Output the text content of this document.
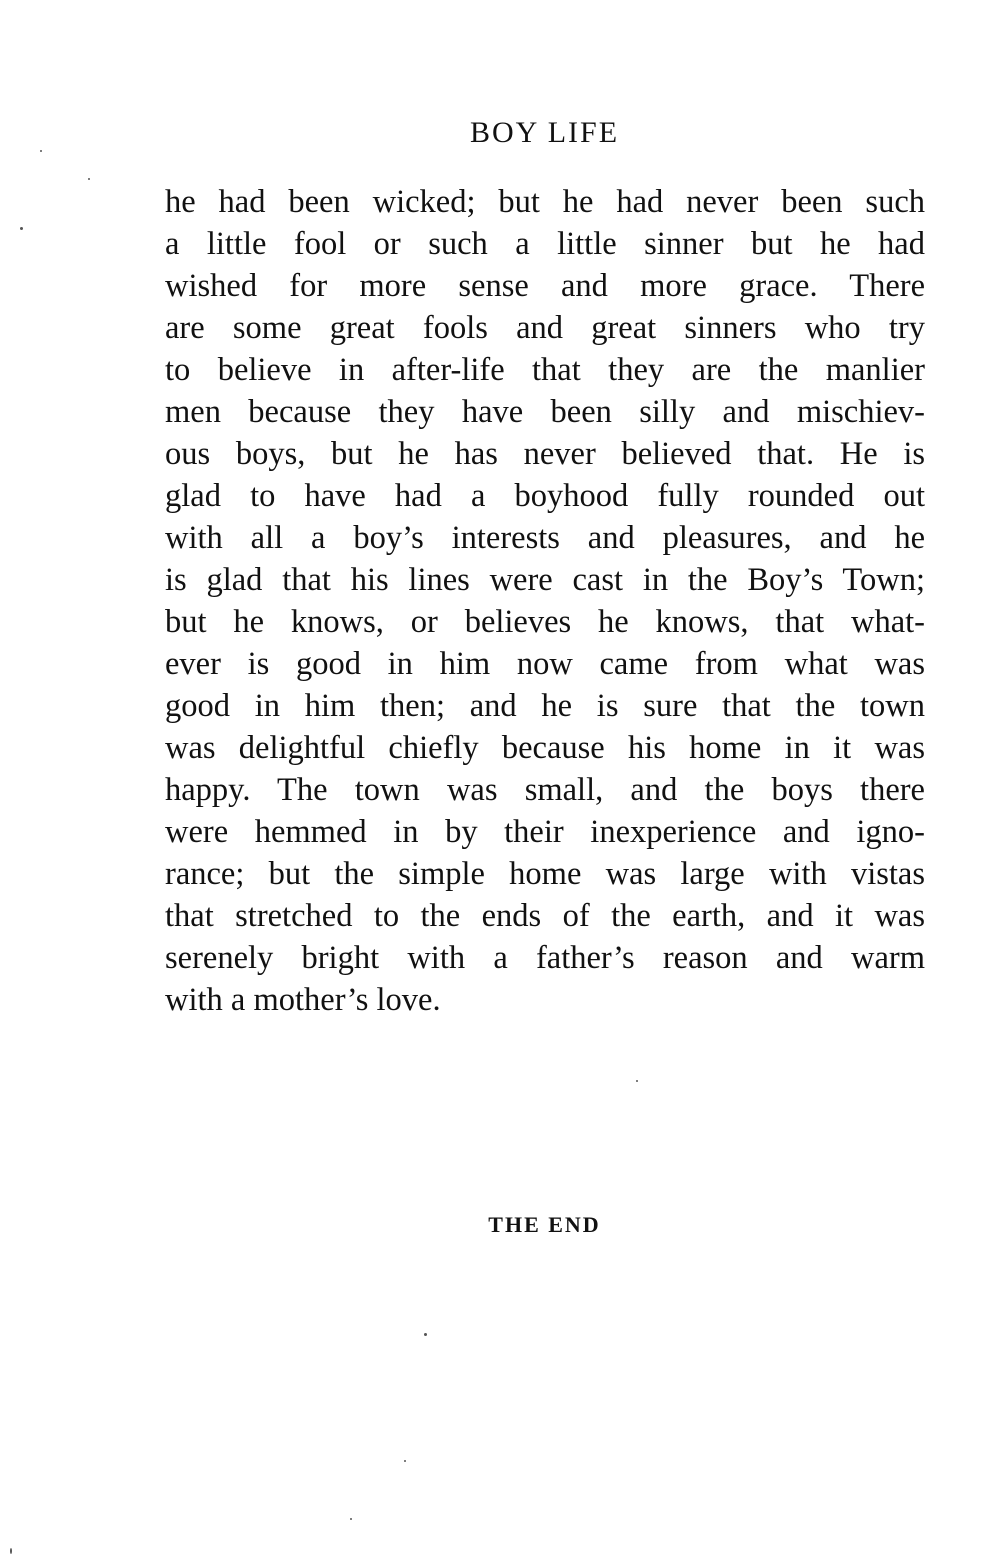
BOY LIFE
he had been wicked; but he had never been such
a little fool or such a little sinner but he had
wished for more sense and more grace. There
are some great fools and great sinners who try
to believe in after-life that they are the manlier
men because they have been silly and mischiev-
ous boys, but he has never believed that. He is
glad to have had a boyhood fully rounded out
with all a boy’s interests and pleasures, and he
is glad that his lines were cast in the Boy’s Town;
but he knows, or believes he knows, that what-
ever is good in him now came from what was
good in him then; and he is sure that the town
was delightful chiefly because his home in it was
happy. The town was small, and the boys there
were hemmed in by their inexperience and igno-
rance; but the simple home was large with vistas
that stretched to the ends of the earth, and it was
serenely bright with a father’s reason and warm
with a mother’s love.
THE END
